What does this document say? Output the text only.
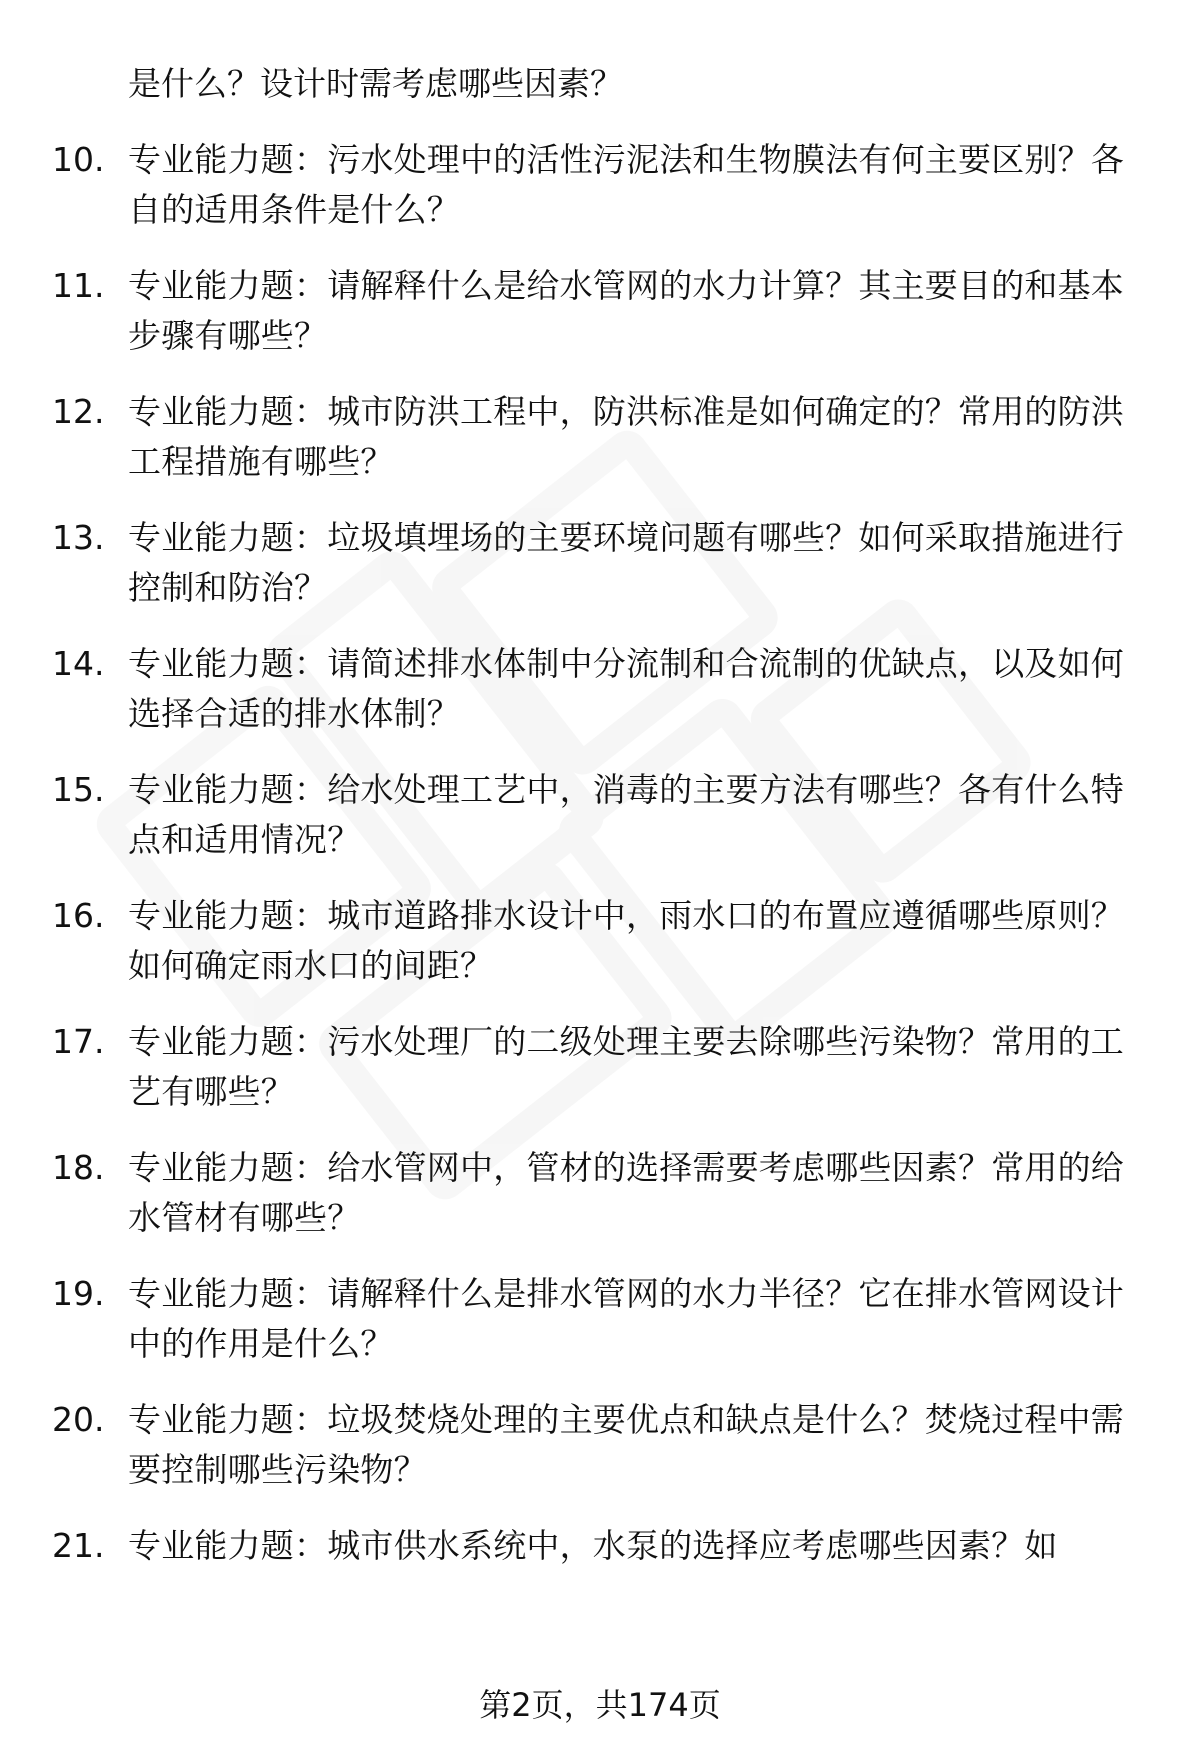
是什么？设计时需考虑哪些因素？
10. 专业能力题：污水处理中的活性污泥法和生物膜法有何主要区别？各自的适用条件是什么？
11. 专业能力题：请解释什么是给水管网的水力计算？其主要目的和基本步骤有哪些？
12. 专业能力题：城市防洪工程中，防洪标准是如何确定的？常用的防洪工程措施有哪些？
13. 专业能力题：垃圾填埋场的主要环境问题有哪些？如何采取措施进行控制和防治？
14. 专业能力题：请简述排水体制中分流制和合流制的优缺点，以及如何选择合适的排水体制？
15. 专业能力题：给水处理工艺中，消毒的主要方法有哪些？各有什么特点和适用情况？
16. 专业能力题：城市道路排水设计中，雨水口的布置应遵循哪些原则？如何确定雨水口的间距？
17. 专业能力题：污水处理厂的二级处理主要去除哪些污染物？常用的工艺有哪些？
18. 专业能力题：给水管网中，管材的选择需要考虑哪些因素？常用的给水管材有哪些？
19. 专业能力题：请解释什么是排水管网的水力半径？它在排水管网设计中的作用是什么？
20. 专业能力题：垃圾焚烧处理的主要优点和缺点是什么？焚烧过程中需要控制哪些污染物？
21. 专业能力题：城市供水系统中，水泵的选择应考虑哪些因素？如
第2页，共174页
